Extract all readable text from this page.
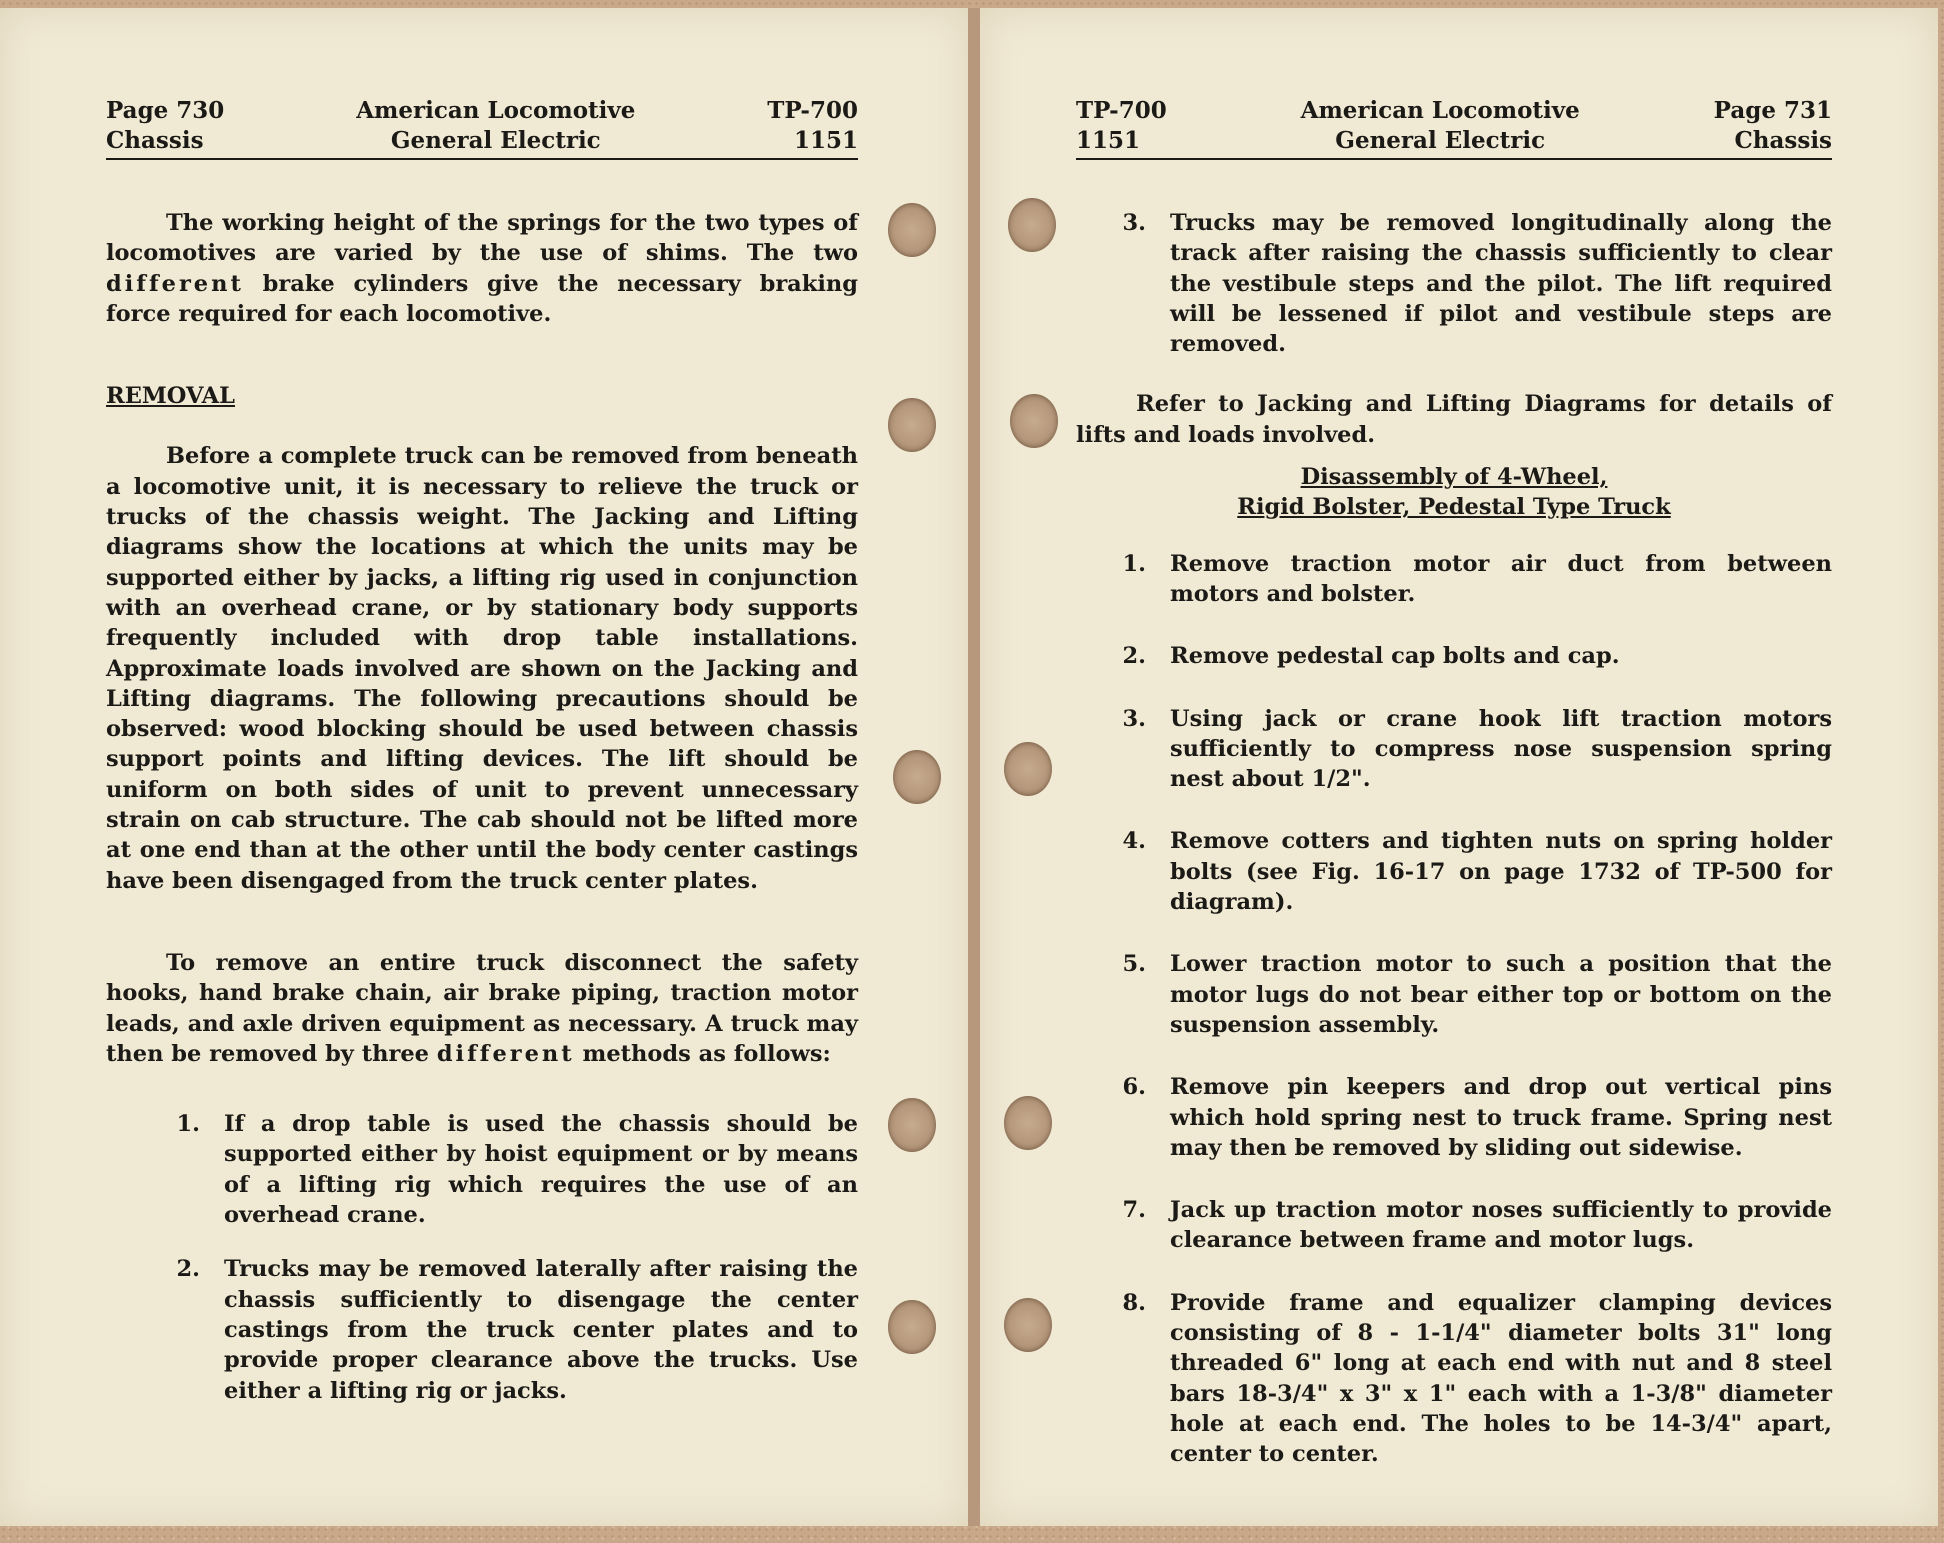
Page 730
Chassis
American Locomotive
General Electric
TP-700
1151

The working height of the springs for the two types of locomotives are varied by the use of shims. The two different brake cylinders give the necessary braking force required for each locomotive.

REMOVAL

Before a complete truck can be removed from beneath a locomotive unit, it is necessary to relieve the truck or trucks of the chassis weight. The Jacking and Lifting diagrams show the locations at which the units may be supported either by jacks, a lifting rig used in conjunction with an overhead crane, or by stationary body supports frequently included with drop table installations. Approximate loads involved are shown on the Jacking and Lifting diagrams. The following precautions should be observed: wood blocking should be used between chassis support points and lifting devices. The lift should be uniform on both sides of unit to prevent unnecessary strain on cab structure. The cab should not be lifted more at one end than at the other until the body center castings have been disengaged from the truck center plates.

To remove an entire truck disconnect the safety hooks, hand brake chain, air brake piping, traction motor leads, and axle driven equipment as necessary. A truck may then be removed by three different methods as follows:

1. If a drop table is used the chassis should be supported either by hoist equipment or by means of a lifting rig which requires the use of an overhead crane.
2. Trucks may be removed laterally after raising the chassis sufficiently to disengage the center castings from the truck center plates and to provide proper clearance above the trucks. Use either a lifting rig or jacks.
TP-700
1151
American Locomotive
General Electric
Page 731
Chassis
3. Trucks may be removed longitudinally along the track after raising the chassis sufficiently to clear the vestibule steps and the pilot. The lift required will be lessened if pilot and vestibule steps are removed.

Refer to Jacking and Lifting Diagrams for details of lifts and loads involved.

Disassembly of 4-Wheel,
Rigid Bolster, Pedestal Type Truck
1. Remove traction motor air duct from between motors and bolster.
2. Remove pedestal cap bolts and cap.
3. Using jack or crane hook lift traction motors sufficiently to compress nose suspension spring nest about 1/2".
4. Remove cotters and tighten nuts on spring holder bolts (see Fig. 16-17 on page 1732 of TP-500 for diagram).
5. Lower traction motor to such a position that the motor lugs do not bear either top or bottom on the suspension assembly.
6. Remove pin keepers and drop out vertical pins which hold spring nest to truck frame. Spring nest may then be removed by sliding out sidewise.
7. Jack up traction motor noses sufficiently to provide clearance between frame and motor lugs.
8. Provide frame and equalizer clamping devices consisting of 8 - 1-1/4" diameter bolts 31" long threaded 6" long at each end with nut and 8 steel bars 18-3/4" x 3" x 1" each with a 1-3/8" diameter hole at each end. The holes to be 14-3/4" apart, center to center.
